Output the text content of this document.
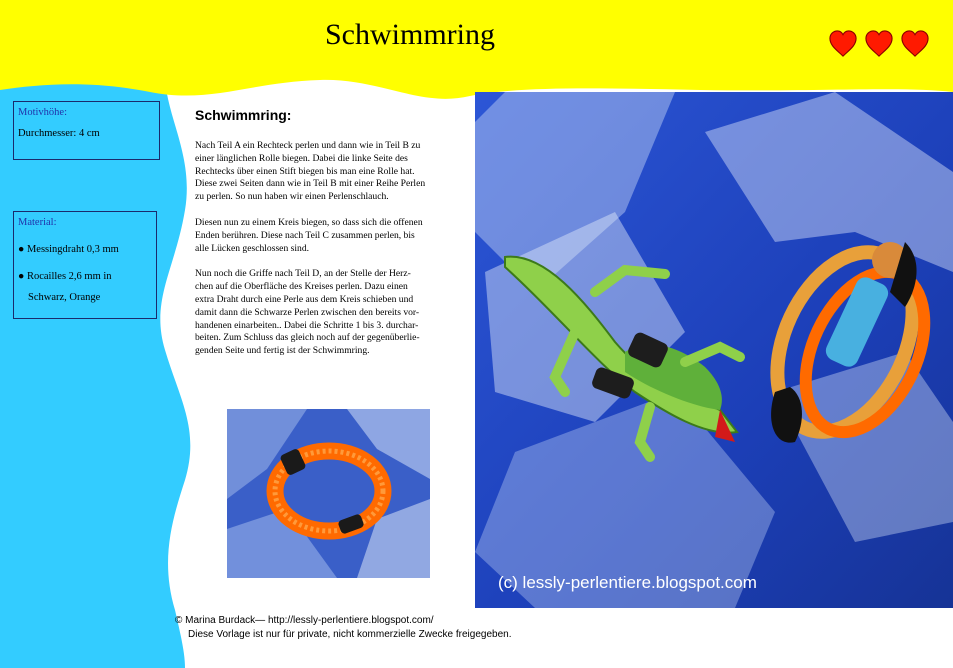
Schwimmring

Motivhöhe:

Durchmesser: 4 cm

Material:

● Messingdraht 0,3 mm

● Rocailles 2,6 mm in

Schwarz, Orange

Schwimmring:

Nach Teil A ein Rechteck perlen und dann wie in Teil B zu
einer länglichen Rolle biegen. Dabei die linke Seite des
Rechtecks über einen Stift biegen bis man eine Rolle hat.
Diese zwei Seiten dann wie in Teil B mit einer Reihe Perlen
zu perlen. So nun haben wir einen Perlenschlauch.

Diesen nun zu einem Kreis biegen, so dass sich die offenen
Enden berühren. Diese nach Teil C zusammen perlen, bis
alle Lücken geschlossen sind.

Nun noch die Griffe nach Teil D, an der Stelle der Herz-
chen auf die Oberfläche des Kreises perlen. Dazu einen
extra Draht durch eine Perle aus dem Kreis schieben und
damit dann die Schwarze Perlen zwischen den bereits vor-
handenen einarbeiten.. Dabei die Schritte 1 bis 3. durchar-
beiten. Zum Schluss das gleich noch auf der gegenüberlie-
genden Seite und fertig ist der Schwimmring.

(c) lessly-perlentiere.blogspot.com
© Marina Burdack— http://lessly-perlentiere.blogspot.com/
Diese Vorlage ist nur für private, nicht kommerzielle Zwecke freigegeben.
